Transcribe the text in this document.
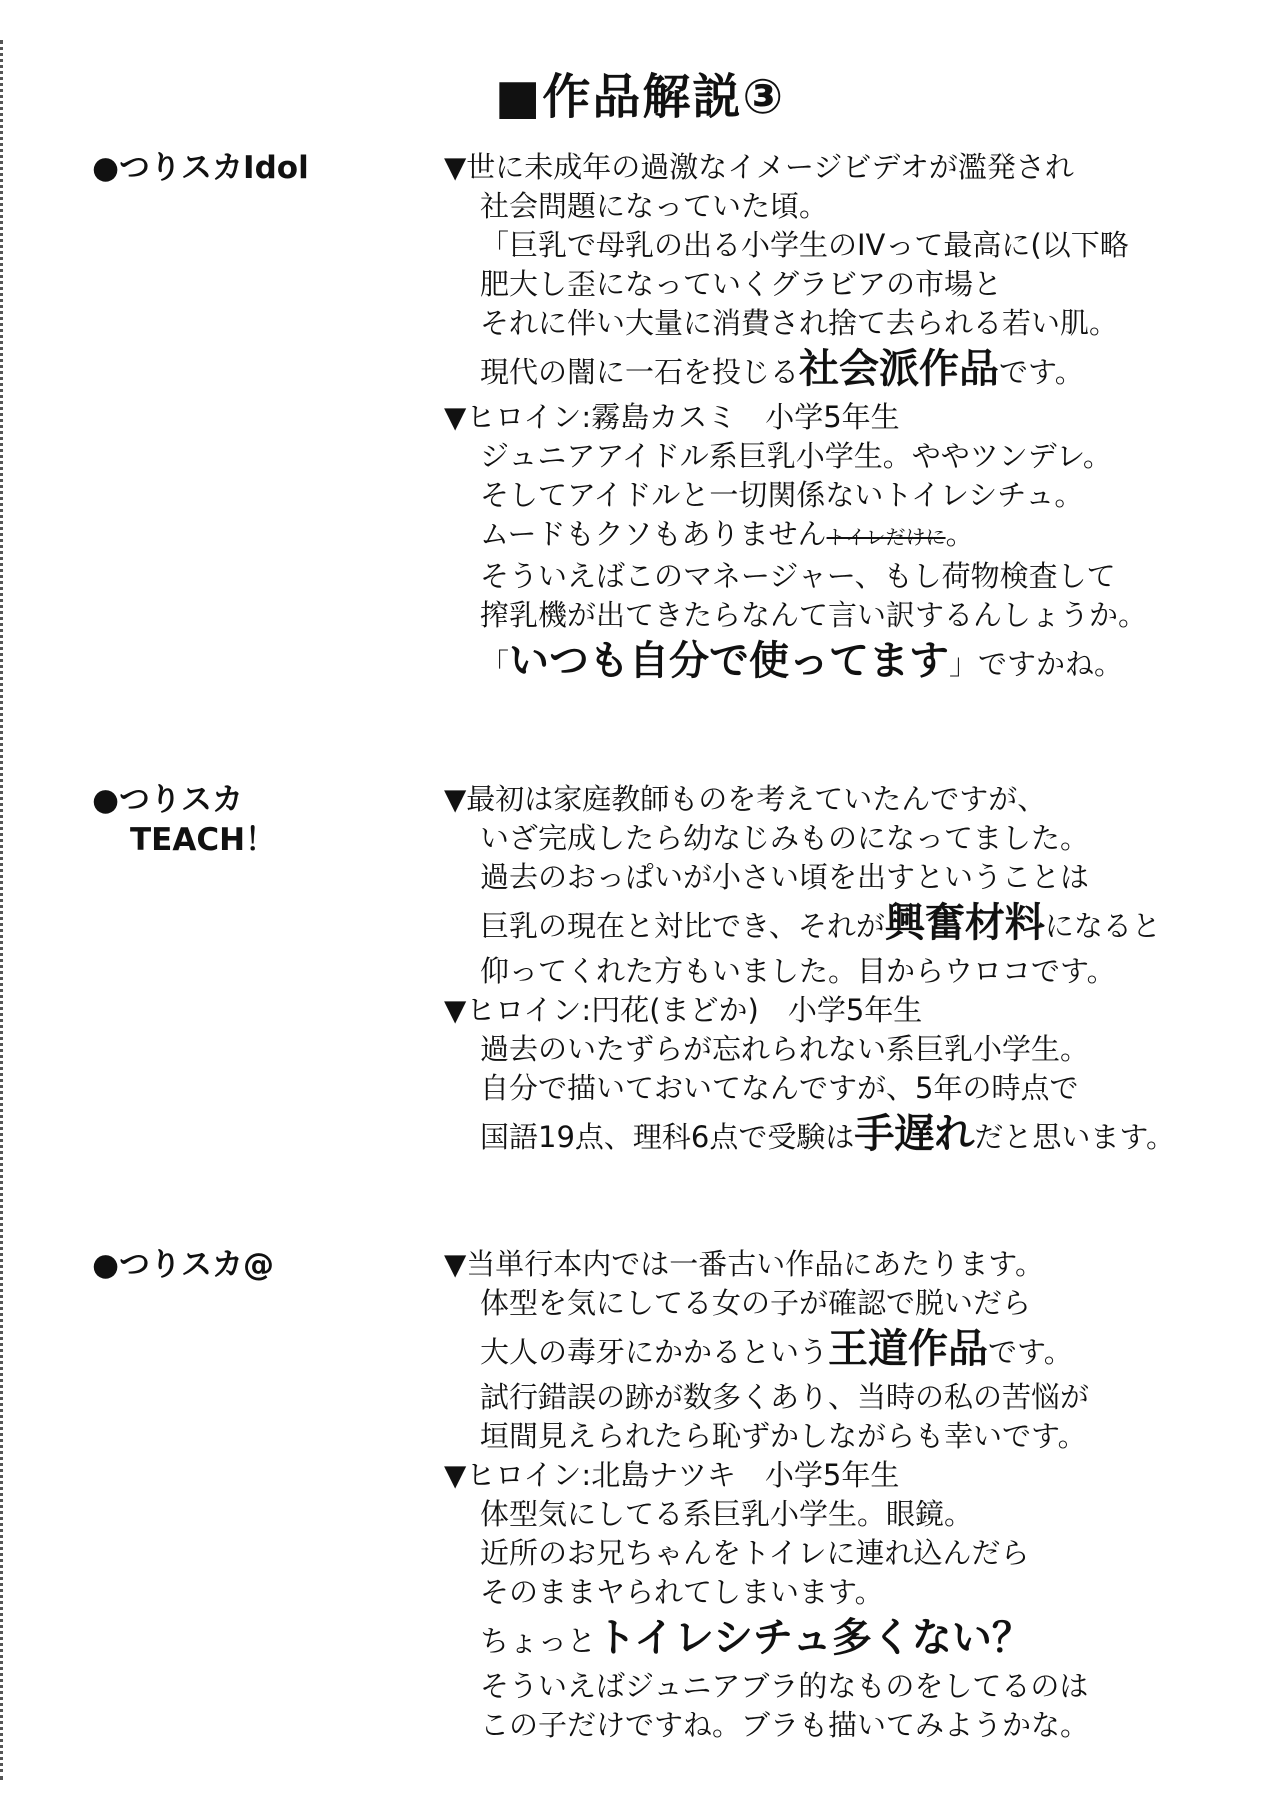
■作品解説③
●つりスカIdol	▼世に未成年の過激なイメージビデオが濫発され
社会問題になっていた頃。
「巨乳で母乳の出る小学生のIVって最高に(以下略
肥大し歪になっていくグラビアの市場と
それに伴い大量に消費され捨て去られる若い肌。
現代の闇に一石を投じる社会派作品です。
▼ヒロイン:霧島カスミ　小学5年生
ジュニアアイドル系巨乳小学生。ややツンデレ。
そしてアイドルと一切関係ないトイレシチュ。
ムードもクソもありませんトイレだけに。
そういえばこのマネージャー、もし荷物検査して
搾乳機が出てきたらなんて言い訳するんしょうか。
「いつも自分で使ってます」ですかね。
●つりスカ
TEACH！
▼最初は家庭教師ものを考えていたんですが、
いざ完成したら幼なじみものになってました。
過去のおっぱいが小さい頃を出すということは
巨乳の現在と対比でき、それが興奮材料になると
仰ってくれた方もいました。目からウロコです。
▼ヒロイン:円花(まどか)　小学5年生
過去のいたずらが忘れられない系巨乳小学生。
自分で描いておいてなんですが、5年の時点で
国語19点、理科6点で受験は手遅れだと思います。
●つりスカ@	▼当単行本内では一番古い作品にあたります。
体型を気にしてる女の子が確認で脱いだら
大人の毒牙にかかるという王道作品です。
試行錯誤の跡が数多くあり、当時の私の苦悩が
垣間見えられたら恥ずかしながらも幸いです。
▼ヒロイン:北島ナツキ　小学5年生
体型気にしてる系巨乳小学生。眼鏡。
近所のお兄ちゃんをトイレに連れ込んだら
そのままヤられてしまいます。
ちょっとトイレシチュ多くない？
そういえばジュニアブラ的なものをしてるのは
この子だけですね。ブラも描いてみようかな。
